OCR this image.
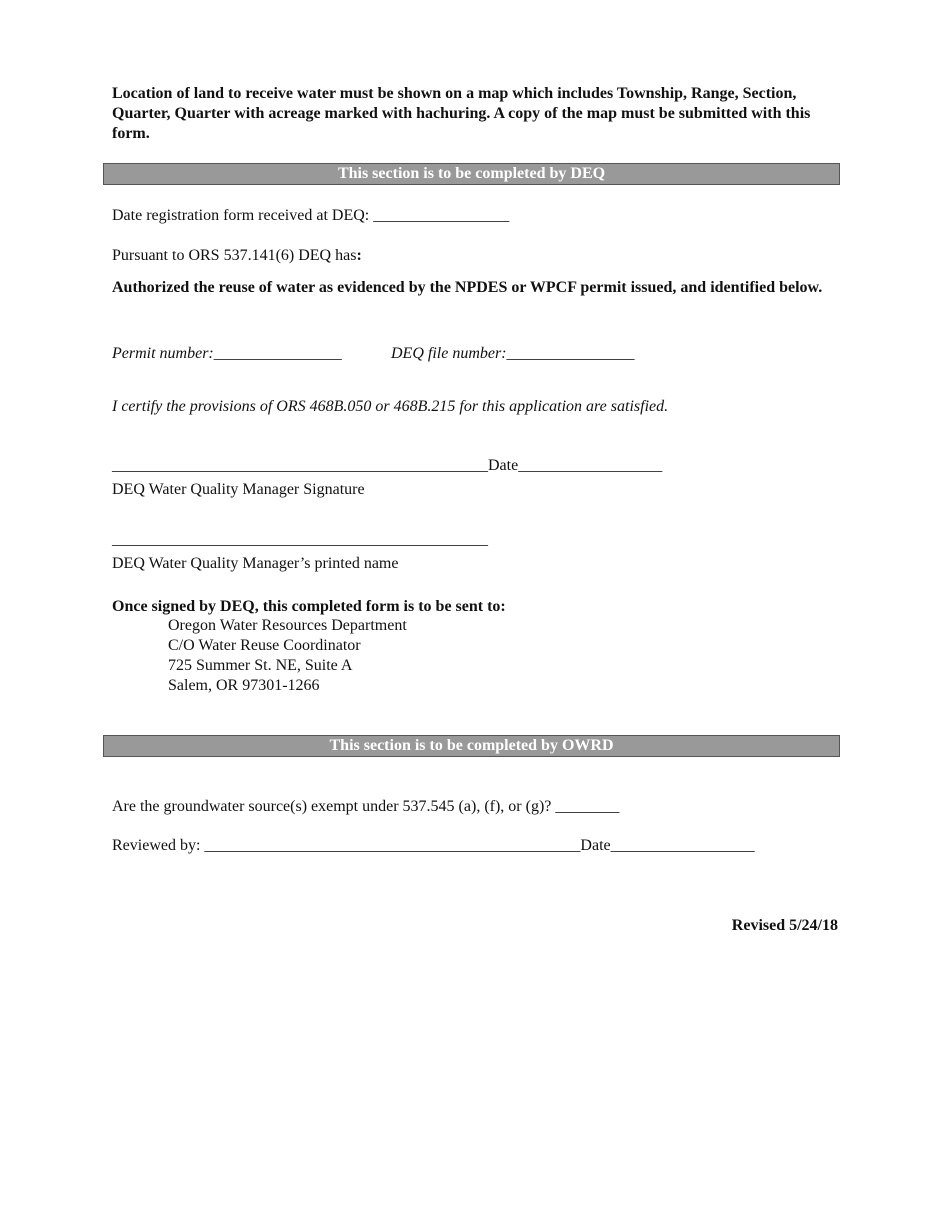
Location of land to receive water must be shown on a map which includes Township, Range, Section, Quarter, Quarter with acreage marked with hachuring. A copy of the map must be submitted with this form.
This section is to be completed by DEQ
Date registration form received at DEQ: _________________
Pursuant to ORS 537.141(6) DEQ has:
Authorized the reuse of water as evidenced by the NPDES or WPCF permit issued, and identified below.
Permit number:________________	DEQ file number:________________
I certify the provisions of ORS 468B.050 or 468B.215 for this application are satisfied.
_______________________________________________Date__________________
DEQ Water Quality Manager Signature
_______________________________________________
DEQ Water Quality Manager’s printed name
Once signed by DEQ, this completed form is to be sent to:
Oregon Water Resources Department
C/O Water Reuse Coordinator
725 Summer St. NE, Suite A
Salem, OR 97301-1266
This section is to be completed by OWRD
Are the groundwater source(s) exempt under 537.545 (a), (f), or (g)? ________
Reviewed by: _______________________________________________Date__________________
Revised 5/24/18
